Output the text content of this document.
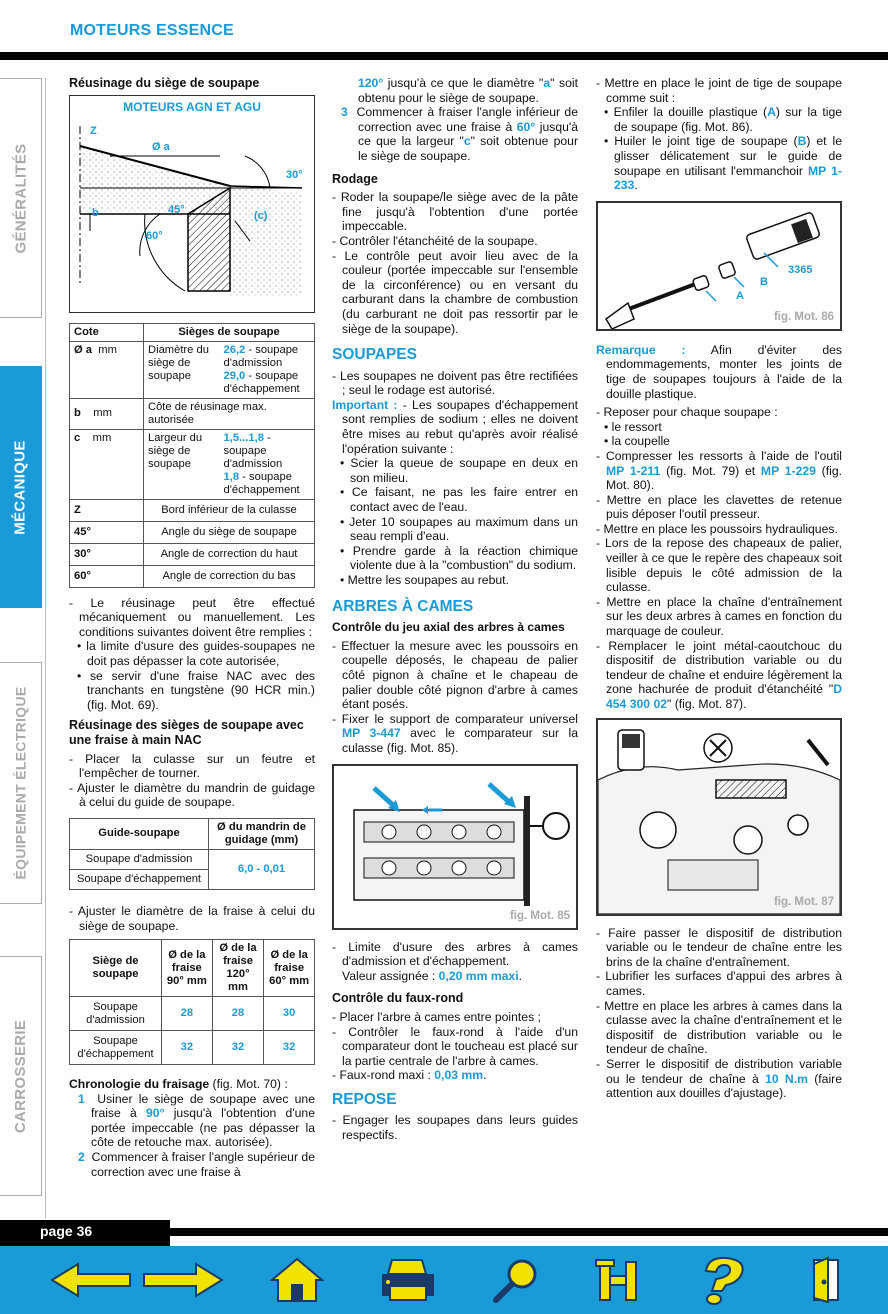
MOTEURS ESSENCE
GÉNÉRALITÉS
MÉCANIQUE
ÉQUIPEMENT ÉLECTRIQUE
CARROSSERIE
Réusinage du siège de soupape
MOTEURS AGN ET AGU
Z
Ø a
30°
b	45°	(c)
60°
Cote	Sièges de soupape	
Ø a mm	Diamètre du siège de soupape	26,2 - soupape d'admission
29,0 - soupape d'échappement
b mm	Côte de réusinage max. autorisée	
c mm	Largeur du siège de soupape	1,5...1,8 - soupape d'admission
1,8 - soupape d'échappement
Z	Bord inférieur de la culasse	
45°	Angle du siège de soupape	
30°	Angle de correction du haut	
60°	Angle de correction du bas	

- Le réusinage peut être effectué mécaniquement ou manuellement. Les conditions suivantes doivent être remplies :

• la limite d'usure des guides-soupapes ne doit pas dépasser la cote autorisée,

• se servir d'une fraise NAC avec des tranchants en tungstène (90 HCR min.) (fig. Mot. 69).

Réusinage des sièges de soupape avec une fraise à main NAC

- Placer la culasse sur un feutre et l'empêcher de tourner.

- Ajuster le diamètre du mandrin de guidage à celui du guide de soupape.

Guide-soupape	Ø du mandrin de guidage (mm)
Soupape d'admission	6,0 - 0,01
Soupape d'échappement	

- Ajuster le diamètre de la fraise à celui du siège de soupape.

Siège de soupape	Ø de la fraise 90° mm	Ø de la fraise 120° mm	Ø de la fraise 60° mm
Soupape d'admission	28	28	30
Soupape d'échappement	32	32	32

Chronologie du fraisage (fig. Mot. 70) :

1 Usiner le siège de soupape avec une fraise à 90° jusqu'à l'obtention d'une portée impeccable (ne pas dépasser la côte de retouche max. autorisée).

2 Commencer à fraiser l'angle supérieur de correction avec une fraise à

120° jusqu'à ce que le diamètre "a" soit obtenu pour le siège de soupape.

3 Commencer à fraiser l'angle inférieur de correction avec une fraise à 60° jusqu'à ce que la largeur "c" soit obtenue pour le siège de soupape.

Rodage

- Roder la soupape/le siège avec de la pâte fine jusqu'à l'obtention d'une portée impeccable.

- Contrôler l'étanchéité de la soupape.

- Le contrôle peut avoir lieu avec de la couleur (portée impeccable sur l'ensemble de la circonférence) ou en versant du carburant dans la chambre de combustion (du carburant ne doit pas ressortir par le siège de la soupape).

SOUPAPES

- Les soupapes ne doivent pas être rectifiées ; seul le rodage est autorisé.

Important : - Les soupapes d'échappement sont remplies de sodium ; elles ne doivent être mises au rebut qu'après avoir réalisé l'opération suivante :

• Scier la queue de soupape en deux en son milieu.

• Ce faisant, ne pas les faire entrer en contact avec de l'eau.

• Jeter 10 soupapes au maximum dans un seau rempli d'eau.

• Prendre garde à la réaction chimique violente due à la "combustion" du sodium.

• Mettre les soupapes au rebut.

ARBRES À CAMES
Contrôle du jeu axial des arbres à cames

- Effectuer la mesure avec les poussoirs en coupelle déposés, le chapeau de palier côté pignon à chaîne et le chapeau de palier double côté pignon d'arbre à cames étant posés.

- Fixer le support de comparateur universel MP 3-447 avec le comparateur sur la culasse (fig. Mot. 85).

fig. Mot. 85

- Limite d'usure des arbres à cames d'admission et d'échappement.

Valeur assignée : 0,20 mm maxi.

Contrôle du faux-rond

- Placer l'arbre à cames entre pointes ;

- Contrôler le faux-rond à l'aide d'un comparateur dont le toucheau est placé sur la partie centrale de l'arbre à cames.

- Faux-rond maxi : 0,03 mm.

REPOSE

- Engager les soupapes dans leurs guides respectifs.

- Mettre en place le joint de tige de soupape comme suit :

• Enfiler la douille plastique (A) sur la tige de soupape (fig. Mot. 86).

• Huiler le joint tige de soupape (B) et le glisser délicatement sur le guide de soupape en utilisant l'emmanchoir MP 1-233.

3365
B
A
fig. Mot. 86

Remarque : Afin d'éviter des endommagements, monter les joints de tige de soupapes toujours à l'aide de la douille plastique.

- Reposer pour chaque soupape :

• le ressort

• la coupelle

- Compresser les ressorts à l'aide de l'outil MP 1-211 (fig. Mot. 79) et MP 1-229 (fig. Mot. 80).

- Mettre en place les clavettes de retenue puis déposer l'outil presseur.

- Mettre en place les poussoirs hydrauliques.

- Lors de la repose des chapeaux de palier, veiller à ce que le repère des chapeaux soit lisible depuis le côté admission de la culasse.

- Mettre en place la chaîne d'entraînement sur les deux arbres à cames en fonction du marquage de couleur.

- Remplacer le joint métal-caoutchouc du dispositif de distribution variable ou du tendeur de chaîne et enduire légèrement la zone hachurée de produit d'étanchéité "D 454 300 02" (fig. Mot. 87).

fig. Mot. 87

- Faire passer le dispositif de distribution variable ou le tendeur de chaîne entre les brins de la chaîne d'entraînement.

- Lubrifier les surfaces d'appui des arbres à cames.

- Mettre en place les arbres à cames dans la culasse avec la chaîne d'entraînement et le dispositif de distribution variable ou le tendeur de chaîne.

- Serrer le dispositif de distribution variable ou le tendeur de chaîne à 10 N.m (faire attention aux douilles d'ajustage).

page 36
